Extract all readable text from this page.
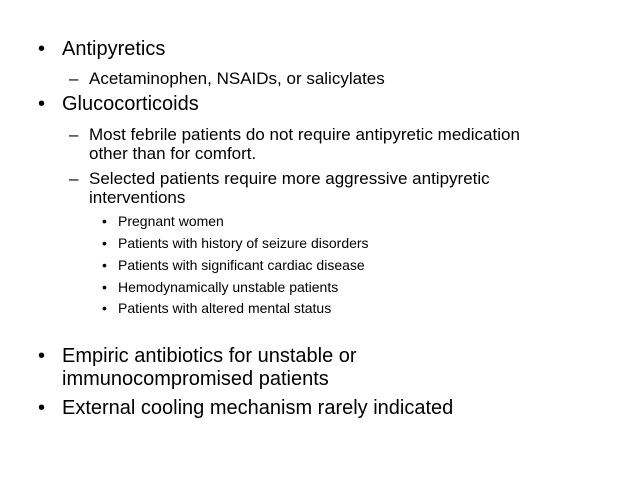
• Antipyretics
– Acetaminophen, NSAIDs, or salicylates
• Glucocorticoids
– Most febrile patients do not require antipyretic medication
other than for comfort.
– Selected patients require more aggressive antipyretic
interventions
• Pregnant women
• Patients with history of seizure disorders
• Patients with significant cardiac disease
• Hemodynamically unstable patients
• Patients with altered mental status
• Empiric antibiotics for unstable or
immunocompromised patients
• External cooling mechanism rarely indicated
